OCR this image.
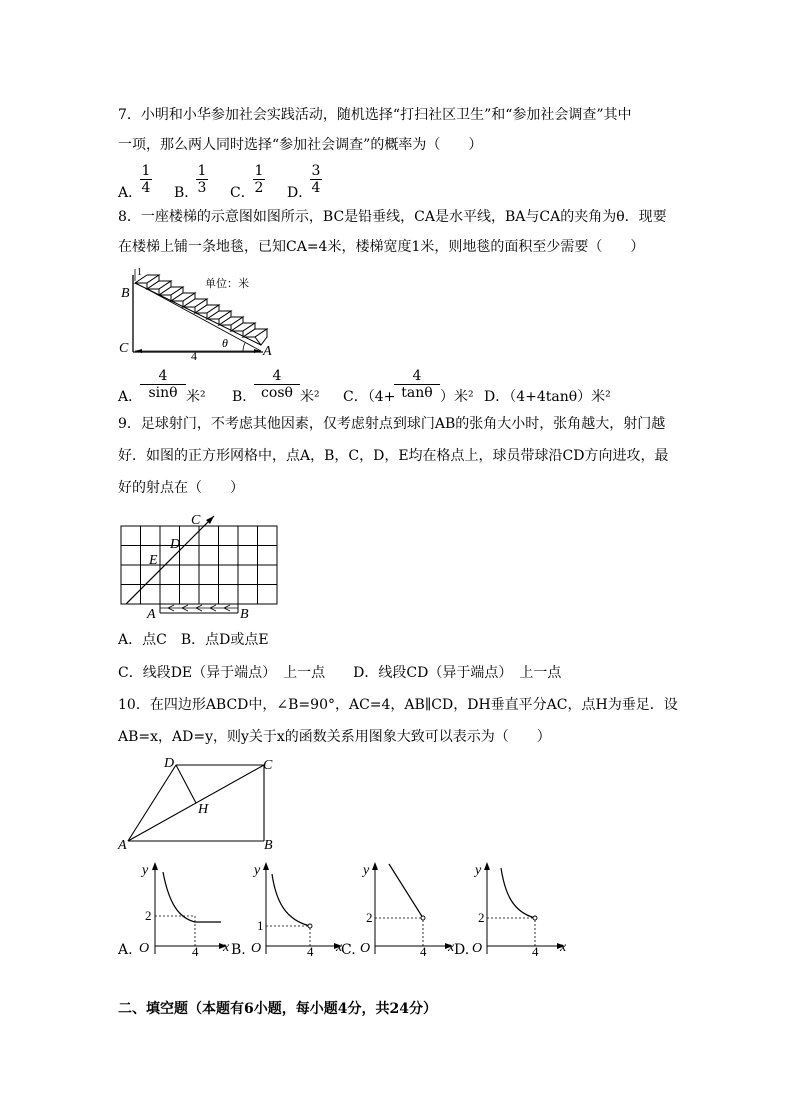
7．小明和小华参加社会实践活动，随机选择“打扫社区卫生”和“参加社会调查”其中
一项，那么两人同时选择“参加社会调查”的概率为（　　）
A．
1
4 B．
1
3 C．
1
2 D．
3
4
8．一座楼梯的示意图如图所示，BC是铅垂线，CA是水平线，BA与CA的夹角为θ．现要
在楼梯上铺一条地毯，已知CA=4米，楼梯宽度1米，则地毯的面积至少需要（　　）
B
C	A
4
1
θ
单位：米
A．
4
sinθ 米² B．
4
cosθ 米² C．（4+
4
tanθ ）米² D．（4+4tanθ）米²
9．足球射门，不考虑其他因素，仅考虑射点到球门AB的张角大小时，张角越大，射门越
好．如图的正方形网格中，点A，B，C，D，E均在格点上，球员带球沿CD方向进攻，最
好的射点在（　　）
C
D
E
A	B
A．点C　B．点D或点E
C．线段DE（异于端点）　上一点　　D．线段CD（异于端点）　上一点
10．在四边形ABCD中，∠B=90°，AC=4，AB∥CD，DH垂直平分AC，点H为垂足．设
AB=x，AD=y，则y关于x的函数关系用图象大致可以表示为（　　）
D	C
H
A	B
A.
y
x
O
2
4 B.
y
x
O
1
4 C.
y
x
O
2
4 D.
y
x
O
2
4
二、填空题（本题有6小题，每小题4分，共24分）
